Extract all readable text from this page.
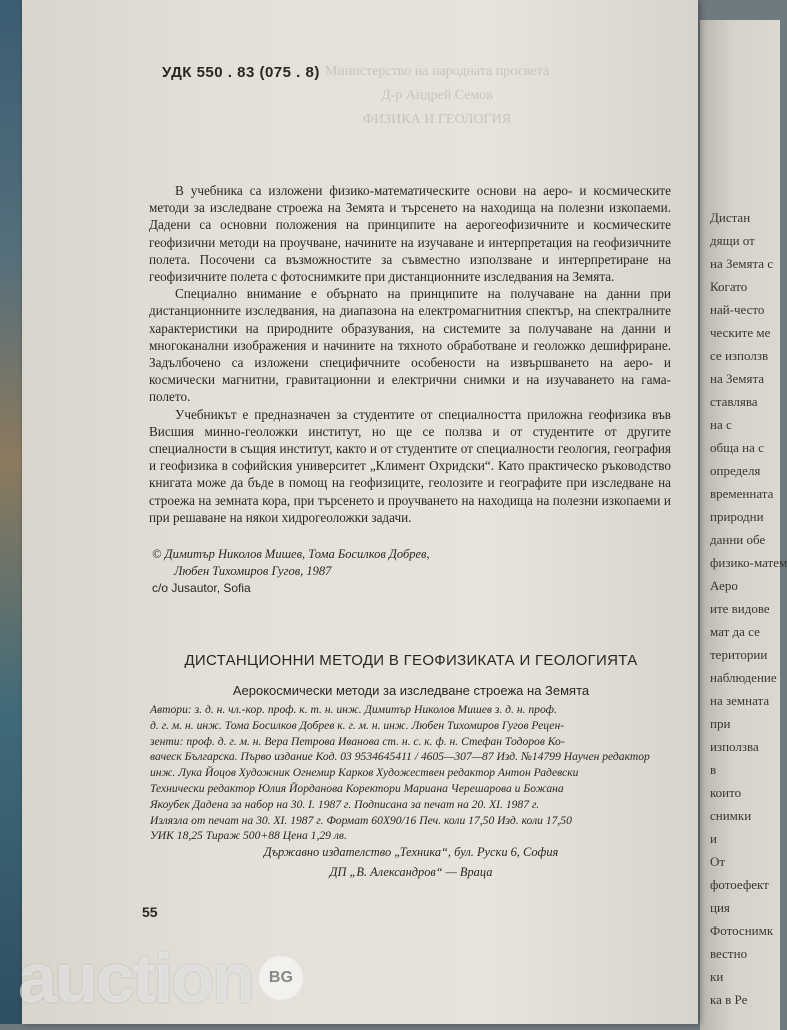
Дистан
дящи от
на Земята с
Когато
най-често
ческите ме
се използв
на Земята
ставлява
на с
обща на с
определя
временната
природни
данни обе
физико-матем
Аеро
ите видове
мат да се
територии
наблюдение
на земната
при
използва
в
които
снимки
и
От
фотоефект
ция
Фотоснимк
вестно
ки
ка в Ре
УДК 550 . 83 (075 . 8) Министерство на народната просвета
Д-р Андрей Семов
ФИЗИКА И ГЕОЛОГИЯ

В учебника са изложени физико-математическите основи на аеро- и космическите методи за изследване строежа на Земята и търсенето на находища на полезни изкопаеми. Дадени са основни положения на принципите на аерогеофизичните и космическите геофизични методи на проучване, начините на изучаване и интерпретация на геофизичните полета. Посочени са възможностите за съвместно използване и интерпретиране на геофизичните полета с фотоснимките при дистанционните изследвания на Земята.

Специално внимание е обърнато на принципите на получаване на данни при дистанционните изследвания, на диапазона на електромагнитния спектър, на спектралните характеристики на природните образувания, на системите за получаване на данни и многоканални изображения и начините на тяхното обработване и геоложко дешифриране. Задълбочено са изложени специфичните особености на извършването на аеро- и космически магнитни, гравитационни и електрични снимки и на изучаването на гама-полето.

Учебникът е предназначен за студентите от специалността приложна геофизика във Висшия минно-геоложки институт, но ще се ползва и от студентите от другите специалности в същия институт, както и от студентите от специалности геология, география и геофизика в софийския университет „Климент Охридски“. Като практическо ръководство книгата може да бъде в помощ на геофизиците, геолозите и географите при изследване на строежа на земната кора, при търсенето и проучването на находища на полезни изкопаеми и при решаване на някои хидрогеоложки задачи.

© Димитър Николов Мишев, Тома Босилков Добрев,
Любен Тихомиров Гугов, 1987
c/o Jusautor, Sofia
ДИСТАНЦИОННИ МЕТОДИ В ГЕОФИЗИКАТА И ГЕОЛОГИЯТА
Аерокосмически методи за изследване строежа на Земята
Автори: з. д. н. чл.-кор. проф. к. т. н. инж. Димитър Николов Мишев з. д. н. проф.
д. г. м. н. инж. Тома Босилков Добрев к. г. м. н. инж. Любен Тихомиров Гугов Рецен-
зенти: проф. д. г. м. н. Вера Петрова Иванова ст. н. с. к. ф. н. Стефан Тодоров Ко-
ваческ Българска. Първо издание Код. 03 9534645411 / 4605—307—87 Изд. №14799 Научен редактор
инж. Лука Йоцов Художник Огнемир Карков Художествен редактор Антон Радевски
Технически редактор Юлия Йорданова Коректори Мариана Черешарова и Божана
Якоубек Дадена за набор на 30. I. 1987 г. Подписана за печат на 20. XI. 1987 г.
Излязла от печат на 30. XI. 1987 г. Формат 60Х90/16 Печ. коли 17,50 Изд. коли 17,50
УИК 18,25 Тираж 500+88 Цена 1,29 лв.
Държавно издателство „Техника“, бул. Руски 6, София
ДП „В. Александров“ — Враца
55
auction	BG
